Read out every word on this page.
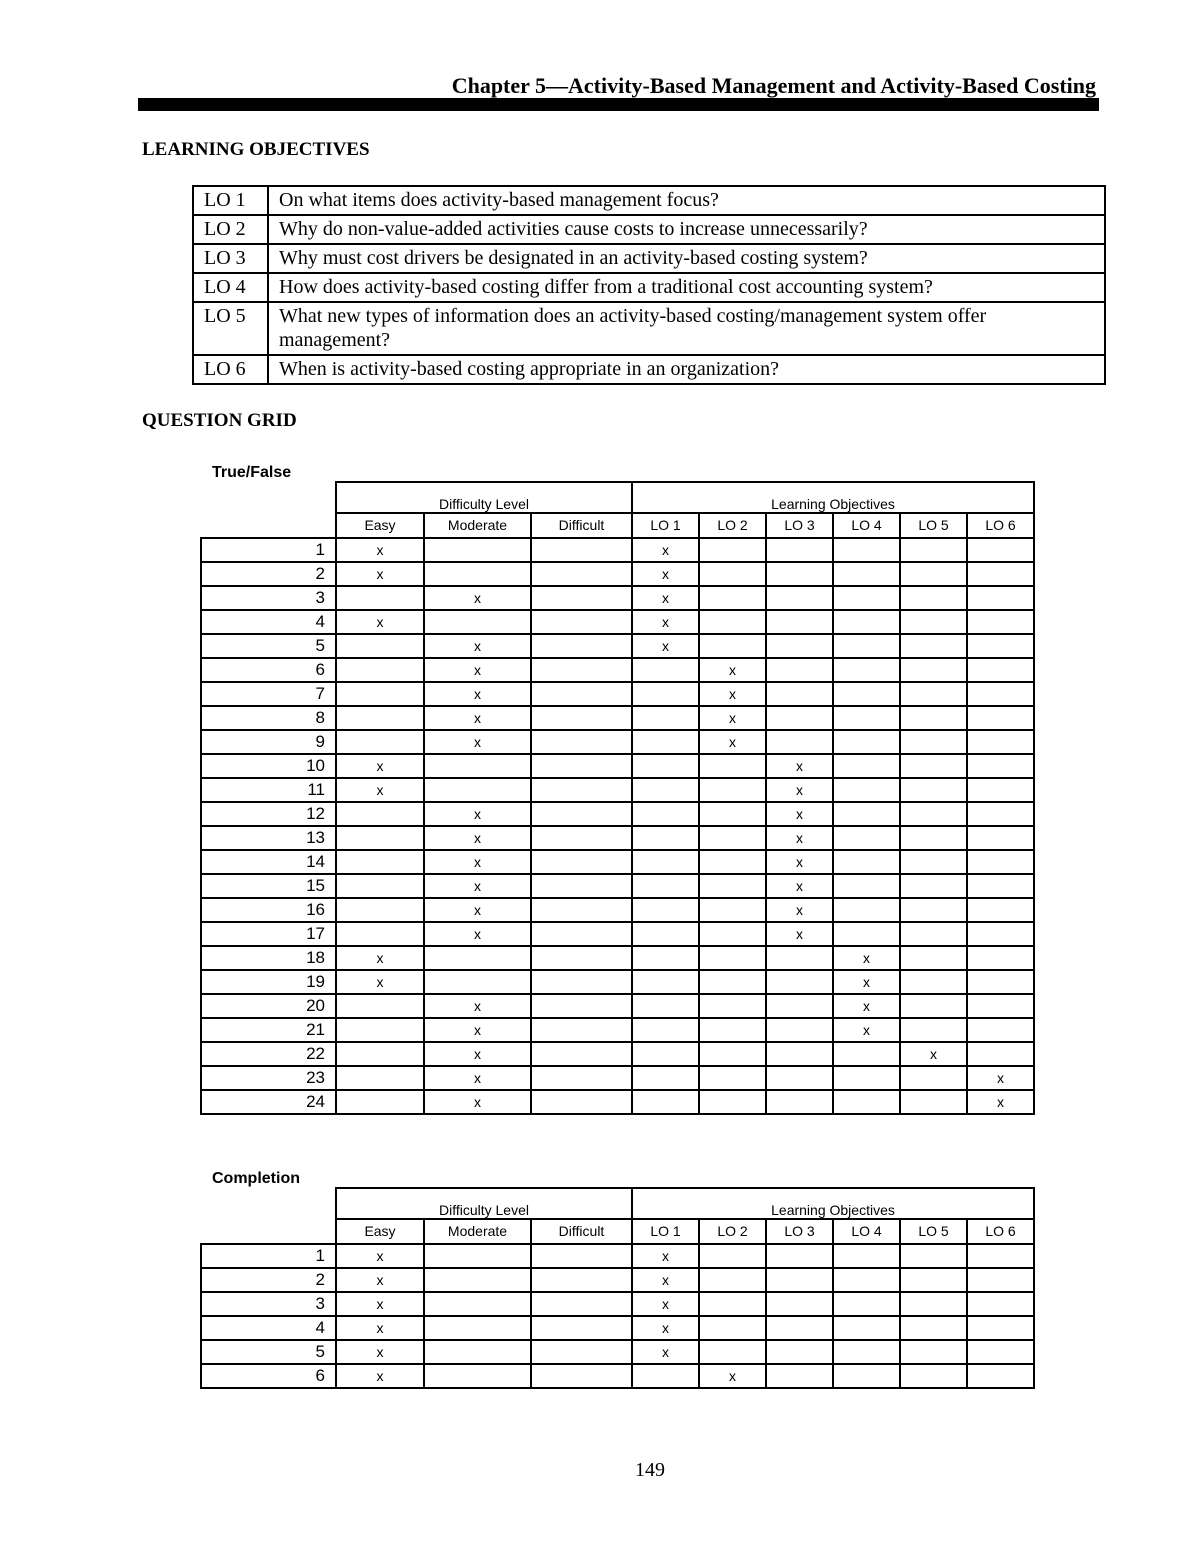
Chapter 5—Activity-Based Management and Activity-Based Costing
LEARNING OBJECTIVES
LO 1	On what items does activity-based management focus?
LO 2	Why do non-value-added activities cause costs to increase unnecessarily?
LO 3	Why must cost drivers be designated in an activity-based costing system?
LO 4	How does activity-based costing differ from a traditional cost accounting system?
LO 5	What new types of information does an activity-based costing/management system offer management?
LO 6	When is activity-based costing appropriate in an organization?
QUESTION GRID
True/False
	Difficulty Level			Learning Objectives					
	Easy	Moderate	Difficult	LO 1	LO 2	LO 3	LO 4	LO 5	LO 6
1	x			x					
2	x			x					
3		x		x					
4	x			x					
5		x		x					
6		x			x				
7		x			x				
8		x			x				
9		x			x				
10	x					x			
11	x					x			
12		x				x			
13		x				x			
14		x				x			
15		x				x			
16		x				x			
17		x				x			
18	x						x		
19	x						x		
20		x					x		
21		x					x		
22		x						x	
23		x							x
24		x							x
Completion
	Difficulty Level			Learning Objectives					
	Easy	Moderate	Difficult	LO 1	LO 2	LO 3	LO 4	LO 5	LO 6
1	x			x					
2	x			x					
3	x			x					
4	x			x					
5	x			x					
6	x				x				
149
